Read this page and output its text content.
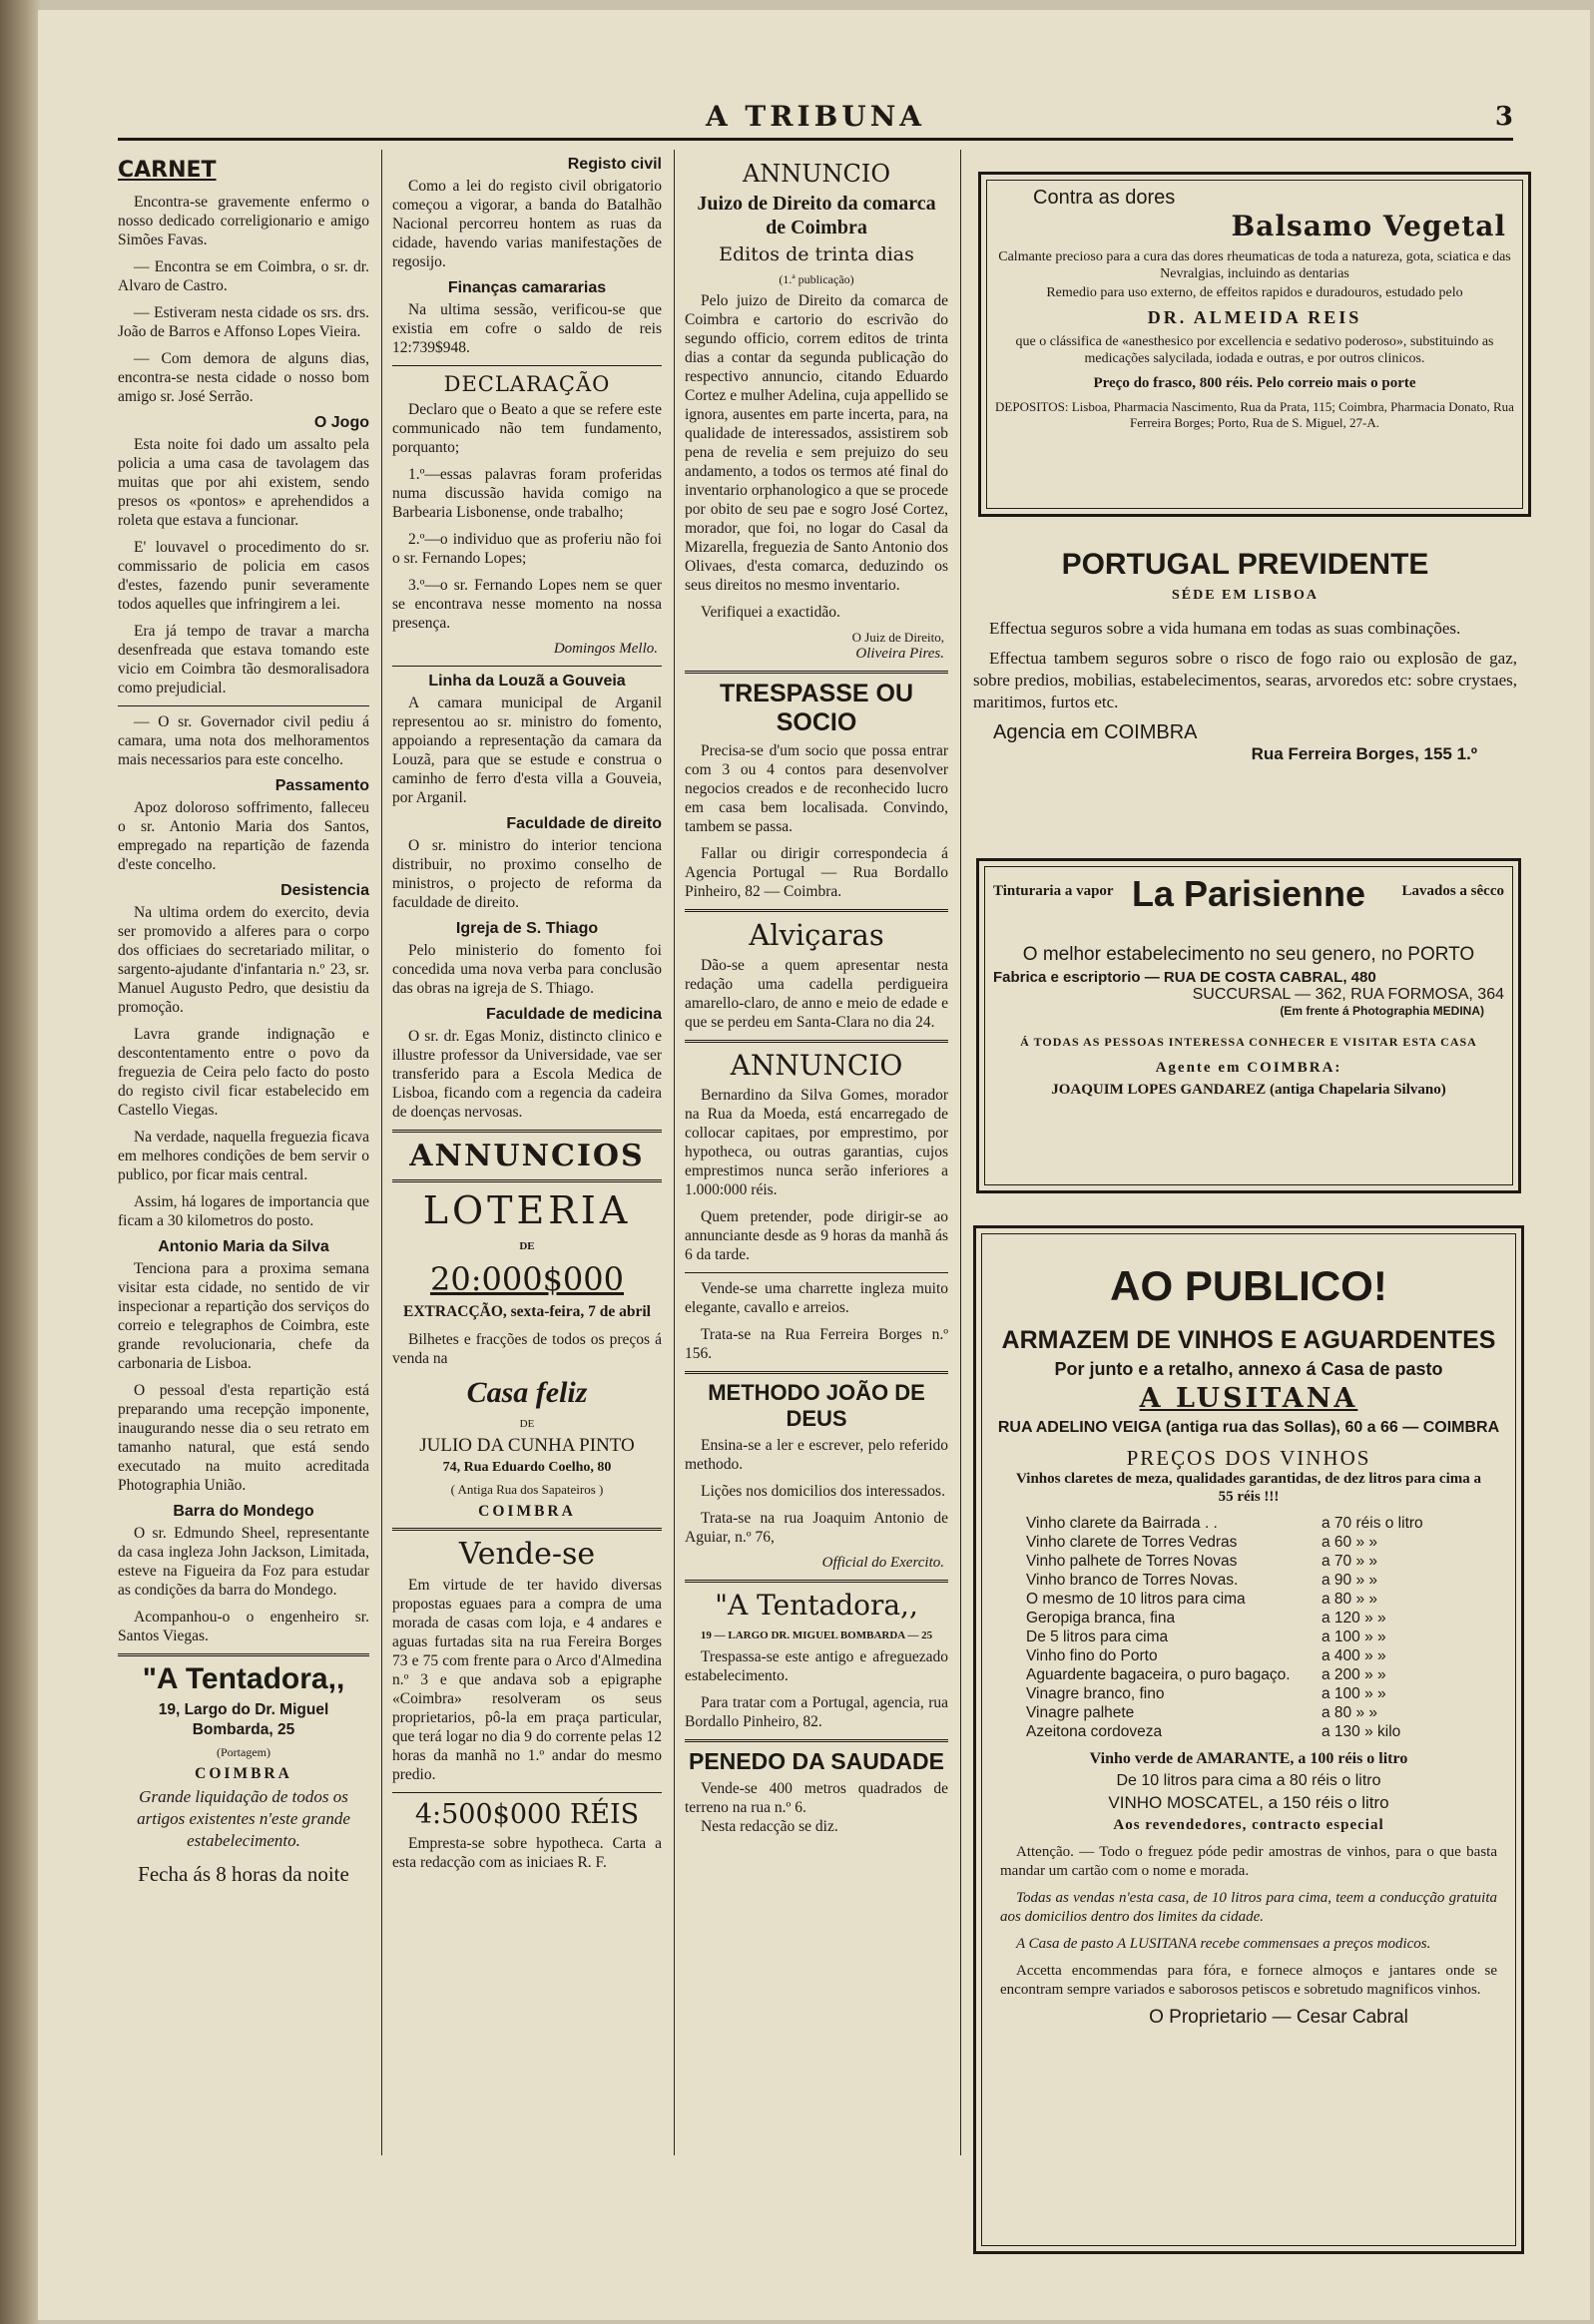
A TRIBUNA	3
CARNET

Encontra-se gravemente enfermo o nosso dedicado correligionario e amigo Simões Favas.

— Encontra se em Coimbra, o sr. dr. Alvaro de Castro.

— Estiveram nesta cidade os srs. drs. João de Barros e Affonso Lopes Vieira.

— Com demora de alguns dias, encontra-se nesta cidade o nosso bom amigo sr. José Serrão.

O Jogo

Esta noite foi dado um assalto pela policia a uma casa de tavolagem das muitas que por ahi existem, sendo presos os «pontos» e aprehendidos a roleta que estava a funcionar.

E' louvavel o procedimento do sr. commissario de policia em casos d'estes, fazendo punir severamente todos aquelles que infringirem a lei.

Era já tempo de travar a marcha desenfreada que estava tomando este vicio em Coimbra tão desmoralisadora como prejudicial.

— O sr. Governador civil pediu á camara, uma nota dos melhoramentos mais necessarios para este concelho.

Passamento

Apoz doloroso soffrimento, falleceu o sr. Antonio Maria dos Santos, empregado na repartição de fazenda d'este concelho.

Desistencia

Na ultima ordem do exercito, devia ser promovido a alferes para o corpo dos officiaes do secretariado militar, o sargento-ajudante d'infantaria n.º 23, sr. Manuel Augusto Pedro, que desistiu da promoção.

Lavra grande indignação e descontentamento entre o povo da freguezia de Ceira pelo facto do posto do registo civil ficar estabelecido em Castello Viegas.

Na verdade, naquella freguezia ficava em melhores condições de bem servir o publico, por ficar mais central.

Assim, há logares de importancia que ficam a 30 kilometros do posto.

Antonio Maria da Silva

Tenciona para a proxima semana visitar esta cidade, no sentido de vir inspecionar a repartição dos serviços do correio e telegraphos de Coimbra, este grande revolucionaria, chefe da carbonaria de Lisboa.

O pessoal d'esta repartição está preparando uma recepção imponente, inaugurando nesse dia o seu retrato em tamanho natural, que está sendo executado na muito acreditada Photographia União.

Barra do Mondego

O sr. Edmundo Sheel, representante da casa ingleza John Jackson, Limitada, esteve na Figueira da Foz para estudar as condições da barra do Mondego.

Acompanhou-o o engenheiro sr. Santos Viegas.

"A Tentadora,,
19, Largo do Dr. Miguel Bombarda, 25
(Portagem)
COIMBRA
Grande liquidação de todos os artigos existentes n'este grande estabelecimento.
Fecha ás 8 horas da noite
Registo civil

Como a lei do registo civil obrigatorio começou a vigorar, a banda do Batalhão Nacional percorreu hontem as ruas da cidade, havendo varias manifestações de regosijo.

Finanças camararias

Na ultima sessão, verificou-se que existia em cofre o saldo de reis 12:739$948.

DECLARAÇÃO

Declaro que o Beato a que se refere este communicado não tem fundamento, porquanto;

1.º—essas palavras foram proferidas numa discussão havida comigo na Barbearia Lisbonense, onde trabalho;

2.º—o individuo que as proferiu não foi o sr. Fernando Lopes;

3.º—o sr. Fernando Lopes nem se quer se encontrava nesse momento na nossa presença.

Domingos Mello.
Linha da Louzã a Gouveia

A camara municipal de Arganil representou ao sr. ministro do fomento, appoiando a representação da camara da Louzã, para que se estude e construa o caminho de ferro d'esta villa a Gouveia, por Arganil.

Faculdade de direito

O sr. ministro do interior tenciona distribuir, no proximo conselho de ministros, o projecto de reforma da faculdade de direito.

Igreja de S. Thiago

Pelo ministerio do fomento foi concedida uma nova verba para conclusão das obras na igreja de S. Thiago.

Faculdade de medicina

O sr. dr. Egas Moniz, distincto clinico e illustre professor da Universidade, vae ser transferido para a Escola Medica de Lisboa, ficando com a regencia da cadeira de doenças nervosas.

ANNUNCIOS
LOTERIA
DE
20:000$000
EXTRACÇÃO, sexta-feira, 7 de abril

Bilhetes e fracções de todos os preços á venda na

Casa feliz
DE
JULIO DA CUNHA PINTO
74, Rua Eduardo Coelho, 80
( Antiga Rua dos Sapateiros )
COIMBRA
Vende-se

Em virtude de ter havido diversas propostas eguaes para a compra de uma morada de casas com loja, e 4 andares e aguas furtadas sita na rua Fereira Borges 73 e 75 com frente para o Arco d'Almedina n.º 3 e que andava sob a epigraphe «Coimbra» resolveram os seus proprietarios, pô-la em praça particular, que terá logar no dia 9 do corrente pelas 12 horas da manhã no 1.º andar do mesmo predio.

4:500$000 RÉIS

Empresta-se sobre hypotheca. Carta a esta redacção com as iniciaes R. F.

ANNUNCIO
Juizo de Direito da comarca de Coimbra
Editos de trinta dias
(1.ª publicação)

Pelo juizo de Direito da comarca de Coimbra e cartorio do escrivão do segundo officio, correm editos de trinta dias a contar da segunda publicação do respectivo annuncio, citando Eduardo Cortez e mulher Adelina, cuja appellido se ignora, ausentes em parte incerta, para, na qualidade de interessados, assistirem sob pena de revelia e sem prejuizo do seu andamento, a todos os termos até final do inventario orphanologico a que se procede por obito de seu pae e sogro José Cortez, morador, que foi, no logar do Casal da Mizarella, freguezia de Santo Antonio dos Olivaes, d'esta comarca, deduzindo os seus direitos no mesmo inventario.

Verifiquei a exactidão.

O Juiz de Direito,
Oliveira Pires.
TRESPASSE OU SOCIO

Precisa-se d'um socio que possa entrar com 3 ou 4 contos para desenvolver negocios creados e de reconhecido lucro em casa bem localisada. Convindo, tambem se passa.

Fallar ou dirigir correspondecia á Agencia Portugal — Rua Bordallo Pinheiro, 82 — Coimbra.

Alviçaras

Dão-se a quem apresentar nesta redação uma cadella perdigueira amarello-claro, de anno e meio de edade e que se perdeu em Santa-Clara no dia 24.

ANNUNCIO

Bernardino da Silva Gomes, morador na Rua da Moeda, está encarregado de collocar capitaes, por emprestimo, por hypotheca, ou outras garantias, cujos emprestimos nunca serão inferiores a 1.000:000 réis.

Quem pretender, pode dirigir-se ao annunciante desde as 9 horas da manhã ás 6 da tarde.

Vende-se uma charrette ingleza muito elegante, cavallo e arreios.

Trata-se na Rua Ferreira Borges n.º 156.

METHODO JOÃO DE DEUS

Ensina-se a ler e escrever, pelo referido methodo.

Lições nos domicilios dos interessados.

Trata-se na rua Joaquim Antonio de Aguiar, n.º 76,

Official do Exercito.
"A Tentadora,,
19 — LARGO DR. MIGUEL BOMBARDA — 25

Trespassa-se este antigo e afreguezado estabelecimento.

Para tratar com a Portugal, agencia, rua Bordallo Pinheiro, 82.

PENEDO DA SAUDADE

Vende-se 400 metros quadrados de terreno na rua n.º 6.

Nesta redacção se diz.

Contra as dores
Balsamo Vegetal
Calmante precioso para a cura das dores rheumaticas de toda a natureza, gota, sciatica e das Nevralgias, incluindo as dentarias
Remedio para uso externo, de effeitos rapidos e duradouros, estudado pelo
DR. ALMEIDA REIS
que o clássifica de «anesthesico por excellencia e sedativo poderoso», substituindo as medicações salycilada, iodada e outras, e por outros clinicos.
Preço do frasco, 800 réis. Pelo correio mais o porte
DEPOSITOS: Lisboa, Pharmacia Nascimento, Rua da Prata, 115; Coimbra, Pharmacia Donato, Rua Ferreira Borges; Porto, Rua de S. Miguel, 27-A.
PORTUGAL PREVIDENTE
SÉDE EM LISBOA

Effectua seguros sobre a vida humana em todas as suas combinações.

Effectua tambem seguros sobre o risco de fogo raio ou explosão de gaz, sobre predios, mobilias, estabelecimentos, searas, arvoredos etc: sobre crystaes, maritimos, furtos etc.

Agencia em COIMBRA
Rua Ferreira Borges, 155 1.º
Tinturaria a vapor La Parisienne	Lavados a sêcco
O melhor estabelecimento no seu genero, no PORTO
Fabrica e escriptorio — RUA DE COSTA CABRAL, 480
SUCCURSAL — 362, RUA FORMOSA, 364
(Em frente á Photographia MEDINA)
Á TODAS AS PESSOAS INTERESSA CONHECER E VISITAR ESTA CASA
Agente em COIMBRA:
JOAQUIM LOPES GANDAREZ (antiga Chapelaria Silvano)
AO PUBLICO!
ARMAZEM DE VINHOS E AGUARDENTES
Por junto e a retalho, annexo á Casa de pasto
A LUSITANA
RUA ADELINO VEIGA (antiga rua das Sollas), 60 a 66 — COIMBRA
PREÇOS DOS VINHOS
Vinhos claretes de meza, qualidades garantidas, de dez litros para cima a 55 réis !!!
Vinho clarete da Bairrada . .	a 70 réis o litro
Vinho clarete de Torres Vedras	a 60 » »
Vinho palhete de Torres Novas	a 70 » »
Vinho branco de Torres Novas.	a 90 » »
O mesmo de 10 litros para cima	a 80 » »
Geropiga branca, fina	a 120 » »
De 5 litros para cima	a 100 » »
Vinho fino do Porto	a 400 » »
Aguardente bagaceira, o puro bagaço.	a 200 » »
Vinagre branco, fino	a 100 » »
Vinagre palhete	a 80 » »
Azeitona cordoveza	a 130 » kilo
Vinho verde de AMARANTE, a 100 réis o litro
De 10 litros para cima a 80 réis o litro
VINHO MOSCATEL, a 150 réis o litro
Aos revendedores, contracto especial

Attenção. — Todo o freguez póde pedir amostras de vinhos, para o que basta mandar um cartão com o nome e morada.

Todas as vendas n'esta casa, de 10 litros para cima, teem a conducção gratuita aos domicilios dentro dos limites da cidade.

A Casa de pasto A LUSITANA recebe commensaes a preços modicos.

Accetta encommendas para fóra, e fornece almoços e jantares onde se encontram sempre variados e saborosos petiscos e sobretudo magnificos vinhos.

O Proprietario — Cesar Cabral
